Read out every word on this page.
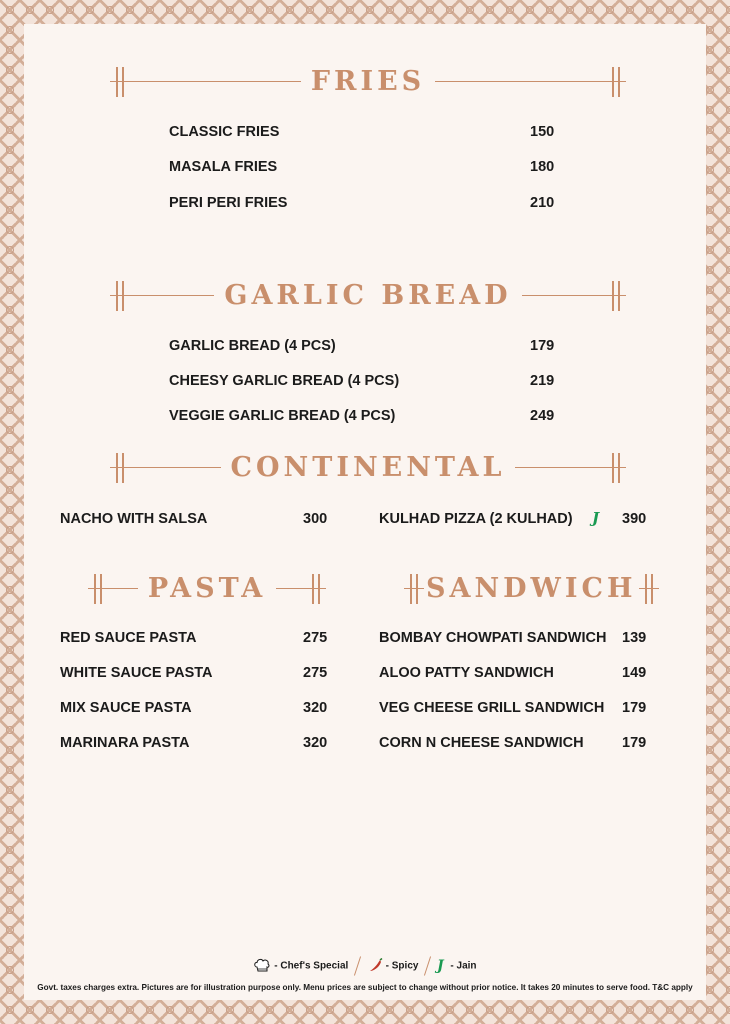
FRIES
CLASSIC FRIES	150
MASALA FRIES	180
PERI PERI FRIES	210
GARLIC BREAD
GARLIC BREAD (4 PCS)	179
CHEESY GARLIC BREAD (4 PCS)	219
VEGGIE GARLIC BREAD (4 PCS)	249
CONTINENTAL
NACHO WITH SALSA	300	KULHAD PIZZA (2 KULHAD) J 390
PASTA	SANDWICH
RED SAUCE PASTA	275
WHITE SAUCE PASTA	275
MIX SAUCE PASTA	320
MARINARA PASTA	320
BOMBAY CHOWPATI SANDWICH 139
ALOO PATTY SANDWICH	149
VEG CHEESE GRILL SANDWICH 179
CORN N CHEESE SANDWICH	179
- Chef's Special	- Spicy J - Jain
Govt. taxes charges extra. Pictures are for illustration purpose only. Menu prices are subject to change without prior notice. It takes 20 minutes to serve food. T&C apply
